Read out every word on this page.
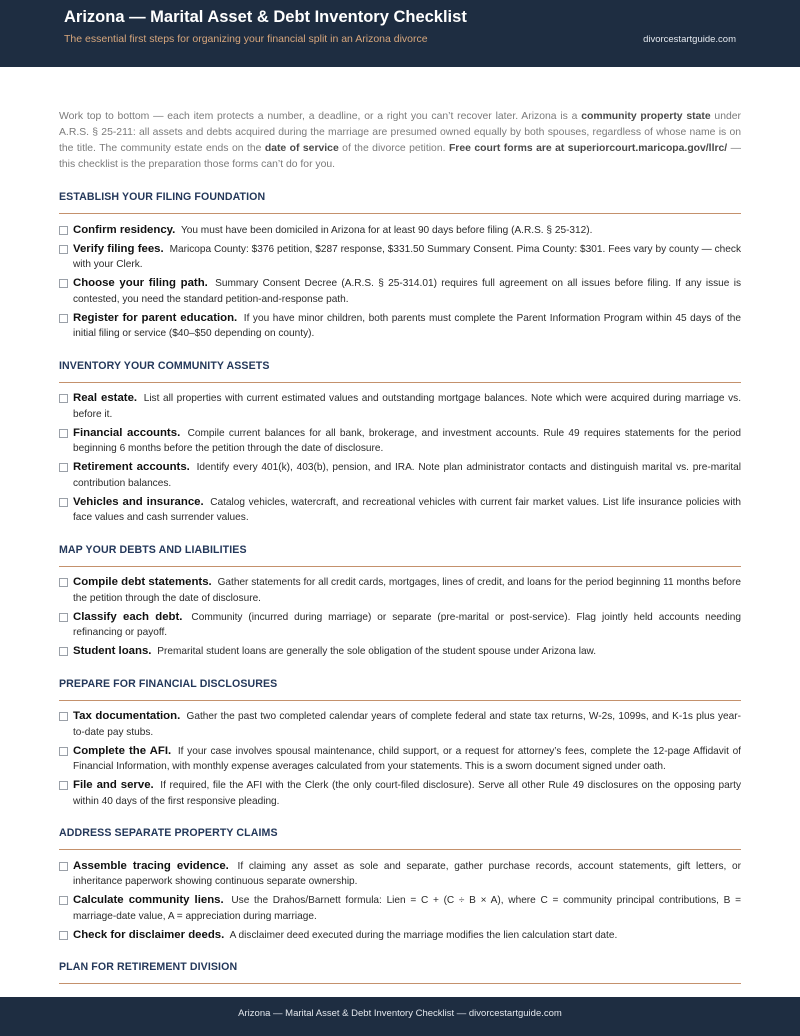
Arizona — Marital Asset & Debt Inventory Checklist
The essential first steps for organizing your financial split in an Arizona divorce	divorcestartguide.com

Work top to bottom — each item protects a number, a deadline, or a right you can’t recover later. Arizona is a community property state under A.R.S. § 25-211: all assets and debts acquired during the marriage are presumed owned equally by both spouses, regardless of whose name is on the title. The community estate ends on the date of service of the divorce petition. Free court forms are at superiorcourt.maricopa.gov/llrc/ — this checklist is the preparation those forms can’t do for you.

ESTABLISH YOUR FILING FOUNDATION
Confirm residency. You must have been domiciled in Arizona for at least 90 days before filing (A.R.S. § 25-312).
Verify filing fees. Maricopa County: $376 petition, $287 response, $331.50 Summary Consent. Pima County: $301. Fees vary by county — check with your Clerk.
Choose your filing path. Summary Consent Decree (A.R.S. § 25-314.01) requires full agreement on all issues before filing. If any issue is contested, you need the standard petition-and-response path.
Register for parent education. If you have minor children, both parents must complete the Parent Information Program within 45 days of the initial filing or service ($40–$50 depending on county).
INVENTORY YOUR COMMUNITY ASSETS
Real estate. List all properties with current estimated values and outstanding mortgage balances. Note which were acquired during marriage vs. before it.
Financial accounts. Compile current balances for all bank, brokerage, and investment accounts. Rule 49 requires statements for the period beginning 6 months before the petition through the date of disclosure.
Retirement accounts. Identify every 401(k), 403(b), pension, and IRA. Note plan administrator contacts and distinguish marital vs. pre-marital contribution balances.
Vehicles and insurance. Catalog vehicles, watercraft, and recreational vehicles with current fair market values. List life insurance policies with face values and cash surrender values.
MAP YOUR DEBTS AND LIABILITIES
Compile debt statements. Gather statements for all credit cards, mortgages, lines of credit, and loans for the period beginning 11 months before the petition through the date of disclosure.
Classify each debt. Community (incurred during marriage) or separate (pre-marital or post-service). Flag jointly held accounts needing refinancing or payoff.
Student loans. Premarital student loans are generally the sole obligation of the student spouse under Arizona law.
PREPARE FOR FINANCIAL DISCLOSURES
Tax documentation. Gather the past two completed calendar years of complete federal and state tax returns, W-2s, 1099s, and K-1s plus year-to-date pay stubs.
Complete the AFI. If your case involves spousal maintenance, child support, or a request for attorney’s fees, complete the 12-page Affidavit of Financial Information, with monthly expense averages calculated from your statements. This is a sworn document signed under oath.
File and serve. If required, file the AFI with the Clerk (the only court-filed disclosure). Serve all other Rule 49 disclosures on the opposing party within 40 days of the first responsive pleading.
ADDRESS SEPARATE PROPERTY CLAIMS
Assemble tracing evidence. If claiming any asset as sole and separate, gather purchase records, account statements, gift letters, or inheritance paperwork showing continuous separate ownership.
Calculate community liens. Use the Drahos/Barnett formula: Lien = C + (C ÷ B × A), where C = community principal contributions, B = marriage-date value, A = appreciation during marriage.
Check for disclaimer deeds. A disclaimer deed executed during the marriage modifies the lien calculation start date.
PLAN FOR RETIREMENT DIVISION
Arizona — Marital Asset & Debt Inventory Checklist — divorcestartguide.com
